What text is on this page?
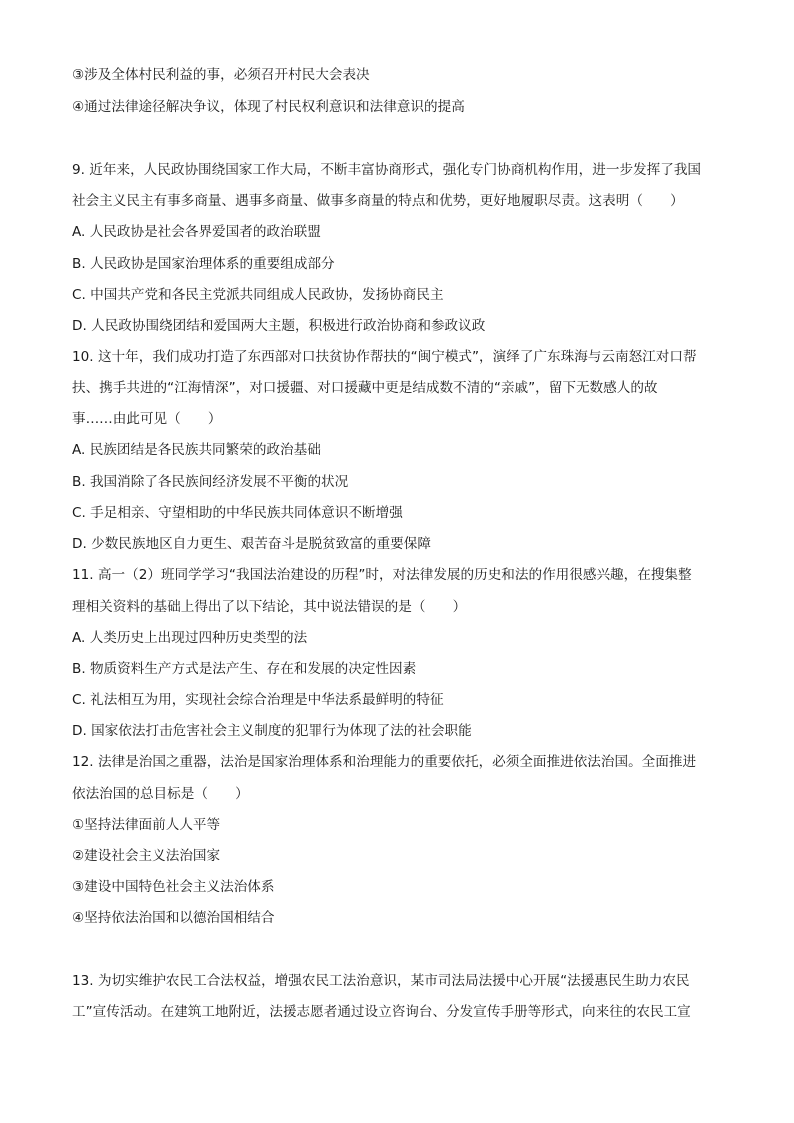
③涉及全体村民利益的事，必须召开村民大会表决
④通过法律途径解决争议，体现了村民权利意识和法律意识的提高
9. 近年来，人民政协围绕国家工作大局，不断丰富协商形式，强化专门协商机构作用，进一步发挥了我国
社会主义民主有事多商量、遇事多商量、做事多商量的特点和优势，更好地履职尽责。这表明（　　）
A. 人民政协是社会各界爱国者的政治联盟
B. 人民政协是国家治理体系的重要组成部分
C. 中国共产党和各民主党派共同组成人民政协，发扬协商民主
D. 人民政协围绕团结和爱国两大主题，积极进行政治协商和参政议政
10. 这十年，我们成功打造了东西部对口扶贫协作帮扶的“闽宁模式”，演绎了广东珠海与云南怒江对口帮
扶、携手共进的“江海情深”，对口援疆、对口援藏中更是结成数不清的“亲戚”，留下无数感人的故
事……由此可见（　　）
A. 民族团结是各民族共同繁荣的政治基础
B. 我国消除了各民族间经济发展不平衡的状况
C. 手足相亲、守望相助的中华民族共同体意识不断增强
D. 少数民族地区自力更生、艰苦奋斗是脱贫致富的重要保障
11. 高一（2）班同学学习“我国法治建设的历程”时，对法律发展的历史和法的作用很感兴趣，在搜集整
理相关资料的基础上得出了以下结论，其中说法错误的是（　　）
A. 人类历史上出现过四种历史类型的法
B. 物质资料生产方式是法产生、存在和发展的决定性因素
C. 礼法相互为用，实现社会综合治理是中华法系最鲜明的特征
D. 国家依法打击危害社会主义制度的犯罪行为体现了法的社会职能
12. 法律是治国之重器，法治是国家治理体系和治理能力的重要依托，必须全面推进依法治国。全面推进
依法治国的总目标是（　　）
①坚持法律面前人人平等
②建设社会主义法治国家
③建设中国特色社会主义法治体系
④坚持依法治国和以德治国相结合
13. 为切实维护农民工合法权益，增强农民工法治意识，某市司法局法援中心开展“法援惠民生助力农民
工”宣传活动。在建筑工地附近，法援志愿者通过设立咨询台、分发宣传手册等形式，向来往的农民工宣
